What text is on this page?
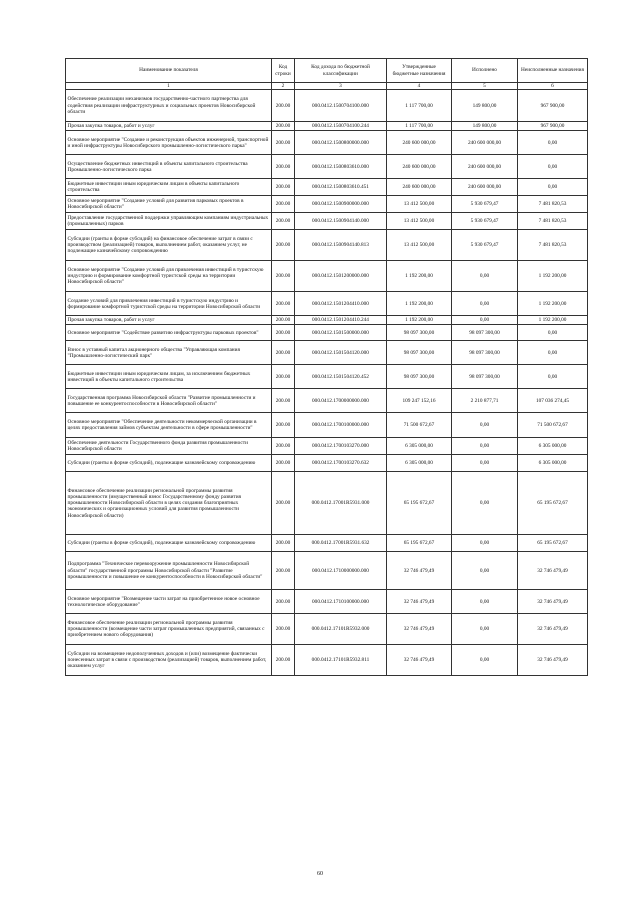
Наименование показателя	Код строки	Код дохода по бюджетной классификации	Утвержденные бюджетные назначения	Исполнено	Неисполненные назначения
1	2	3	4	5	6
Обеспечение реализации механизмов государственно-частного партнерства для содействия реализации инфраструктурных и социальных проектов Новосибирской области	200.00	000.0412.1500704100.000	1 117 700,00	149 800,00	967 900,00
Прочая закупка товаров, работ и услуг	200.00	000.0412.1500704100.244	1 117 700,00	149 800,00	967 900,00
Основное мероприятие "Создание и реконструкция объектов инженерной, транспортной и иной инфраструктуры Новосибирского промышленно-логистического парка"	200.00	000.0412.1500800000.000	240 600 000,00	240 600 000,00	0,00
Осуществление бюджетных инвестиций в объекты капитального строительства Промышленно-логистического парка	200.00	000.0412.1500803610.000	240 600 000,00	240 600 000,00	0,00
Бюджетные инвестиции иным юридическим лицам в объекты капитального строительства	200.00	000.0412.1500803610.451	240 600 000,00	240 600 000,00	0,00
Основное мероприятие "Создание условий для развития парковых проектов в Новосибирской области"	200.00	000.0412.1500900000.000	13 412 500,00	5 930 679,47	7 481 820,53
Предоставление государственной поддержки управляющим компаниям индустриальных (промышленных) парков	200.00	000.0412.1500904140.000	13 412 500,00	5 930 679,47	7 481 820,53
Субсидии (гранты в форме субсидий) на финансовое обеспечение затрат в связи с производством (реализацией) товаров, выполнением работ, оказанием услуг, не подлежащие казначейскому сопровождению	200.00	000.0412.1500904140.813	13 412 500,00	5 930 679,47	7 481 820,53
Основное мероприятие "Создание условий для привлечения инвестиций в туристскую индустрию и формирование комфортной туристской среды на территории Новосибирской области"	200.00	000.0412.1501200000.000	1 192 200,00	0,00	1 192 200,00
Создание условий для привлечения инвестиций в туристскую индустрию и формирование комфортной туристской среды на территории Новосибирской области	200.00	000.0412.1501204410.000	1 192 200,00	0,00	1 192 200,00
Прочая закупка товаров, работ и услуг	200.00	000.0412.1501204410.244	1 192 200,00	0,00	1 192 200,00
Основное мероприятие "Содействие развитию инфраструктуры парковых проектов"	200.00	000.0412.1501500000.000	98 097 300,00	98 097 300,00	0,00
Взнос в уставный капитал акционерного общества "Управляющая компания "Промышленно-логистический парк"	200.00	000.0412.1501504120.000	98 097 300,00	98 097 300,00	0,00
Бюджетные инвестиции иным юридическим лицам, за исключением бюджетных инвестиций в объекты капитального строительства	200.00	000.0412.1501504120.452	98 097 300,00	98 097 300,00	0,00
Государственная программа Новосибирской области "Развитие промышленности и повышение ее конкурентоспособности в Новосибирской области"	200.00	000.0412.1700000000.000	109 247 152,16	2 210 877,71	107 036 274,45
Основное мероприятие "Обеспечение деятельности некоммерческой организации в целях предоставления займов субъектам деятельности в сфере промышленности"	200.00	000.0412.1700100000.000	71 500 672,67	0,00	71 500 672,67
Обеспечение деятельности Государственного фонда развития промышленности Новосибирской области	200.00	000.0412.1700103270.000	6 305 000,00	0,00	6 305 000,00
Субсидии (гранты в форме субсидий), подлежащие казначейскому сопровождению	200.00	000.0412.1700103270.632	6 305 000,00	0,00	6 305 000,00
Финансовое обеспечение реализации региональной программы развития промышленности (имущественный взнос Государственному фонду развития промышленности Новосибирской области в целях создания благоприятных экономических и организационных условий для развития промышленности Новосибирской области)	200.00	000.0412.17001R5931.000	65 195 672,67	0,00	65 195 672,67
Субсидии (гранты в форме субсидий), подлежащие казначейскому сопровождению	200.00	000.0412.17001R5931.632	65 195 672,67	0,00	65 195 672,67
Подпрограмма "Техническое перевооружение промышленности Новосибирской области" государственной программы Новосибирской области "Развитие промышленности и повышение ее конкурентоспособности в Новосибирской области"	200.00	000.0412.1710000000.000	32 746 479,49	0,00	32 746 479,49
Основное мероприятие "Возмещение части затрат на приобретенное новое основное технологическое оборудование"	200.00	000.0412.1710100000.000	32 746 479,49	0,00	32 746 479,49
Финансовое обеспечение реализации региональной программы развития промышленности (возмещение части затрат промышленных предприятий, связанных с приобретением нового оборудования)	200.00	000.0412.17101R5932.000	32 746 479,49	0,00	32 746 479,49
Субсидии на возмещение недополученных доходов и (или) возмещение фактически понесенных затрат в связи с производством (реализацией) товаров, выполнением работ, оказанием услуг	200.00	000.0412.17101R5932.811	32 746 479,49	0,00	32 746 479,49
60
